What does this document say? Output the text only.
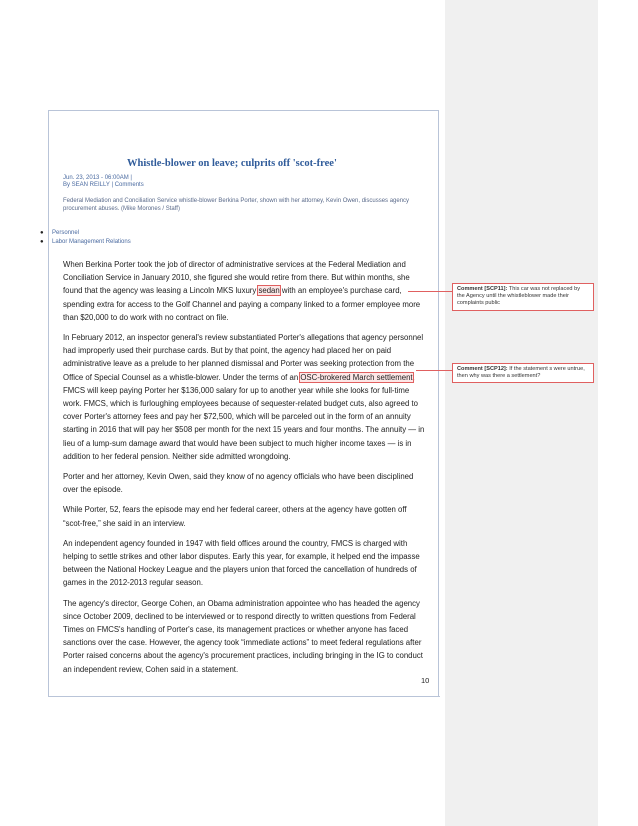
Formatted
Whistle-blower on leave; culprits off 'scot-free'
Jun. 23, 2013 - 06:00AM |
By SEAN REILLY | Comments
Federal Mediation and Conciliation Service whistle-blower Berkina Porter, shown with her attorney, Kevin Owen, discusses agency procurement abuses. (Mike Morones / Staff)
●	Personnel
●	Labor Management Relations

When Berkina Porter took the job of director of administrative services at the Federal Mediation and Conciliation Service in January 2010, she figured she would retire from there. But within months, she found that the agency was leasing a Lincoln MKS luxury sedan with an employee's purchase card, spending extra for access to the Golf Channel and paying a company linked to a former employee more than $20,000 to do work with no contract on file.

In February 2012, an inspector general's review substantiated Porter's allegations that agency personnel had improperly used their purchase cards. But by that point, the agency had placed her on paid administrative leave as a prelude to her planned dismissal and Porter was seeking protection from the Office of Special Counsel as a whistle-blower. Under the terms of an OSC-brokered March settlement, FMCS will keep paying Porter her $136,000 salary for up to another year while she looks for full-time work. FMCS, which is furloughing employees because of sequester-related budget cuts, also agreed to cover Porter's attorney fees and pay her $72,500, which will be parceled out in the form of an annuity starting in 2016 that will pay her $508 per month for the next 15 years and four months. The annuity — in lieu of a lump-sum damage award that would have been subject to much higher income taxes — is in addition to her federal pension. Neither side admitted wrongdoing.

Porter and her attorney, Kevin Owen, said they know of no agency officials who have been disciplined over the episode.

While Porter, 52, fears the episode may end her federal career, others at the agency have gotten off “scot-free,” she said in an interview.

An independent agency founded in 1947 with field offices around the country, FMCS is charged with helping to settle strikes and other labor disputes. Early this year, for example, it helped end the impasse between the National Hockey League and the players union that forced the cancellation of hundreds of games in the 2012-2013 regular season.

The agency's director, George Cohen, an Obama administration appointee who has headed the agency since October 2009, declined to be interviewed or to respond directly to written questions from Federal Times on FMCS's handling of Porter's case, its management practices or whether anyone has faced sanctions over the case. However, the agency took “immediate actions” to meet federal regulations after Porter raised concerns about the agency's procurement practices, including bringing in the IG to conduct an independent review, Cohen said in a statement.

10
Comment [SCP11]: This car was not replaced by the Agency until the whistleblower made their complaints public
Comment [SCP12]: If the statement s were untrue, then why was there a settlement?
